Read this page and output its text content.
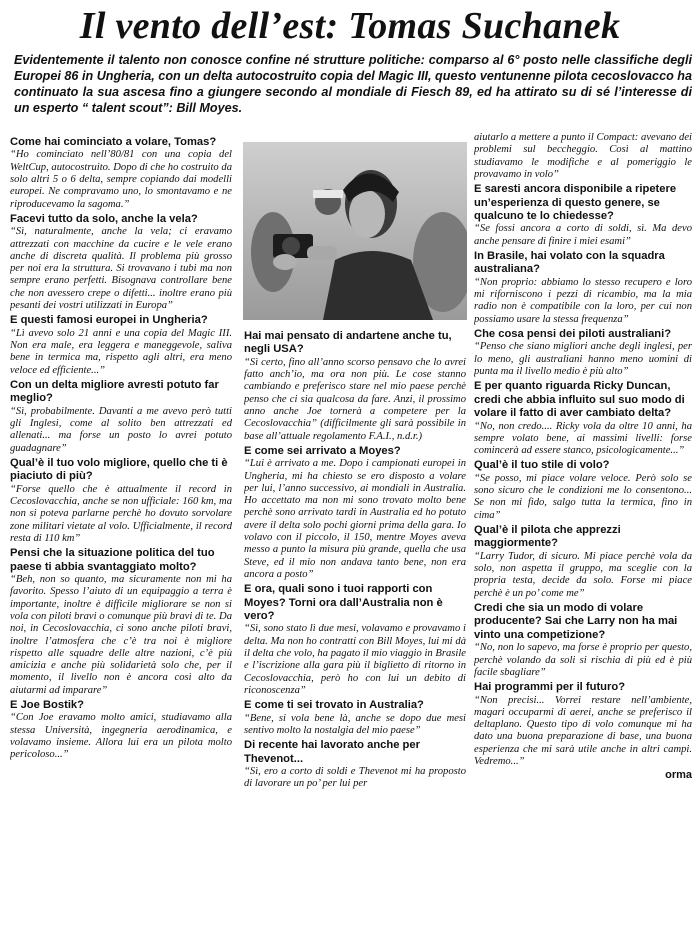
Il vento dell’est: Tomas Suchanek
Evidentemente il talento non conosce confine né strutture politiche: comparso al 6° posto nelle classifiche degli Europei 86 in Ungheria, con un delta autocostruito copia del Magic III, questo ventunenne pilota cecoslovacco ha continuato la sua ascesa fino a giungere secondo al mondiale di Fiesch 89, ed ha attirato su di sé l’interesse di un esperto “ talent scout”: Bill Moyes.
Come hai cominciato a volare, Tomas?
“Ho cominciato nell’80/81 con una copia del WeltCup, autocostruito. Dopo di che ho costruito da solo altri 5 o 6 delta, sempre copiando dai modelli europei. Ne compravamo uno, lo smontavamo e ne riproducevamo la sagoma.”
Facevi tutto da solo, anche la vela?
“Sì, naturalmente, anche la vela; ci eravamo attrezzati con macchine da cucire e le vele erano anche di discreta qualità. Il problema più grosso per noi era la struttura. Si trovavano i tubi ma non sempre erano perfetti. Bisognava controllare bene che non avessero crepe o difetti... inoltre erano più pesanti dei vostri utilizzati in Europa”
E questi famosi europei in Ungheria?
“Lì avevo solo 21 anni e una copia del Magic III. Non era male, era leggera e maneggevole, saliva bene in termica ma, rispetto agli altri, era meno veloce ed efficiente...”
Con un delta migliore avresti potuto far meglio?
“Sì, probabilmente. Davanti a me avevo però tutti gli Inglesi, come al solito ben attrezzati ed allenati... ma forse un posto lo avrei potuto guadagnare”
Qual’è il tuo volo migliore, quello che ti è piaciuto di più?
“Forse quello che è attualmente il record in Cecoslovacchia, anche se non ufficiale: 160 km, ma non si poteva parlarne perchè ho dovuto sorvolare zone militari vietate al volo. Ufficialmente, il record resta di 110 km”
Pensi che la situazione politica del tuo paese ti abbia svantaggiato molto?
“Beh, non so quanto, ma sicuramente non mi ha favorito. Spesso l’aiuto di un equipaggio a terra è importante, inoltre è difficile migliorare se non si vola con piloti bravi o comunque più bravi di te. Da noi, in Cecoslovacchia, ci sono anche piloti bravi, inoltre l’atmosfera che c’è tra noi è migliore rispetto alle squadre delle altre nazioni, c’è più amicizia e anche più solidarietà solo che, per il momento, il livello non è ancora così alto da aiutarmi ad imparare”
E Joe Bostik?
“Con Joe eravamo molto amici, studiavamo alla stessa Università, ingegneria aerodinamica, e volavamo insieme. Allora lui era un pilota molto pericoloso...”
Hai mai pensato di andartene anche tu, negli USA?
“Sì certo, fino all’anno scorso pensavo che lo avrei fatto anch’io, ma ora non più. Le cose stanno cambiando e preferisco stare nel mio paese perchè penso che ci sia qualcosa da fare. Anzi, il prossimo anno anche Joe tornerà a competere per la Cecoslovacchia” (difficilmente gli sarà possibile in base all’attuale regolamento F.A.I., n.d.r.)
E come sei arrivato a Moyes?
“Lui è arrivato a me. Dopo i campionati europei in Ungheria, mi ha chiesto se ero disposto a volare per lui, l’anno successivo, ai mondiali in Australia. Ho accettato ma non mi sono trovato molto bene perchè sono arrivato tardi in Australia ed ho potuto avere il delta solo pochi giorni prima della gara. Io volavo con il piccolo, il 150, mentre Moyes aveva messo a punto la misura più grande, quella che usa Steve, ed il mio non andava tanto bene, non era ancora a posto”
E ora, quali sono i tuoi rapporti con Moyes? Torni ora dall’Australia non è vero?
“Sì, sono stato lì due mesi, volavamo e provavamo i delta. Ma non ho contratti con Bill Moyes, lui mi dà il delta che volo, ha pagato il mio viaggio in Brasile e l’iscrizione alla gara più il biglietto di ritorno in Cecoslovacchia, però ho con lui un debito di riconoscenza”
E come ti sei trovato in Australia?
“Bene, si vola bene là, anche se dopo due mesi sentivo molto la nostalgia del mio paese”
Di recente hai lavorato anche per Thevenot...
“Sì, ero a corto di soldi e Thevenot mi ha proposto di lavorare un po’ per lui per
aiutarlo a mettere a punto il Compact: avevano dei problemi sul beccheggio. Così al mattino studiavamo le modifiche e al pomeriggio le provavamo in volo”
E saresti ancora disponibile a ripetere un’esperienza di questo genere, se qualcuno te lo chiedesse?
“Se fossi ancora a corto di soldi, sì. Ma devo anche pensare di finire i miei esami”
In Brasile, hai volato con la squadra australiana?
“Non proprio: abbiamo lo stesso recupero e loro mi riforniscono i pezzi di ricambio, ma la mia radio non è compatibile con la loro, per cui non possiamo usare la stessa frequenza”
Che cosa pensi dei piloti australiani?
“Penso che siano migliori anche degli inglesi, per lo meno, gli australiani hanno meno uomini di punta ma il livello medio è più alto”
E per quanto riguarda Ricky Duncan, credi che abbia influito sul suo modo di volare il fatto di aver cambiato delta?
“No, non credo.... Ricky vola da oltre 10 anni, ha sempre volato bene, ai massimi livelli: forse comincerà ad essere stanco, psicologicamente...”
Qual’è il tuo stile di volo?
“Se posso, mi piace volare veloce. Però solo se sono sicuro che le condizioni me lo consentono... Se non mi fido, salgo tutta la termica, fino in cima”
Qual’è il pilota che apprezzi maggiormente?
“Larry Tudor, di sicuro. Mi piace perchè vola da solo, non aspetta il gruppo, ma sceglie con la propria testa, decide da solo. Forse mi piace perchè è un po’ come me”
Credi che sia un modo di volare producente? Sai che Larry non ha mai vinto una competizione?
“No, non lo sapevo, ma forse è proprio per questo, perchè volando da soli si rischia di più ed è più facile sbagliare”
Hai programmi per il futuro?
“Non precisi... Vorrei restare nell’ambiente, magari occuparmi di aerei, anche se preferisco il deltaplano. Questo tipo di volo comunque mi ha dato una buona preparazione di base, una buona esperienza che mi sarà utile anche in altri campi. Vedremo...”
orma
